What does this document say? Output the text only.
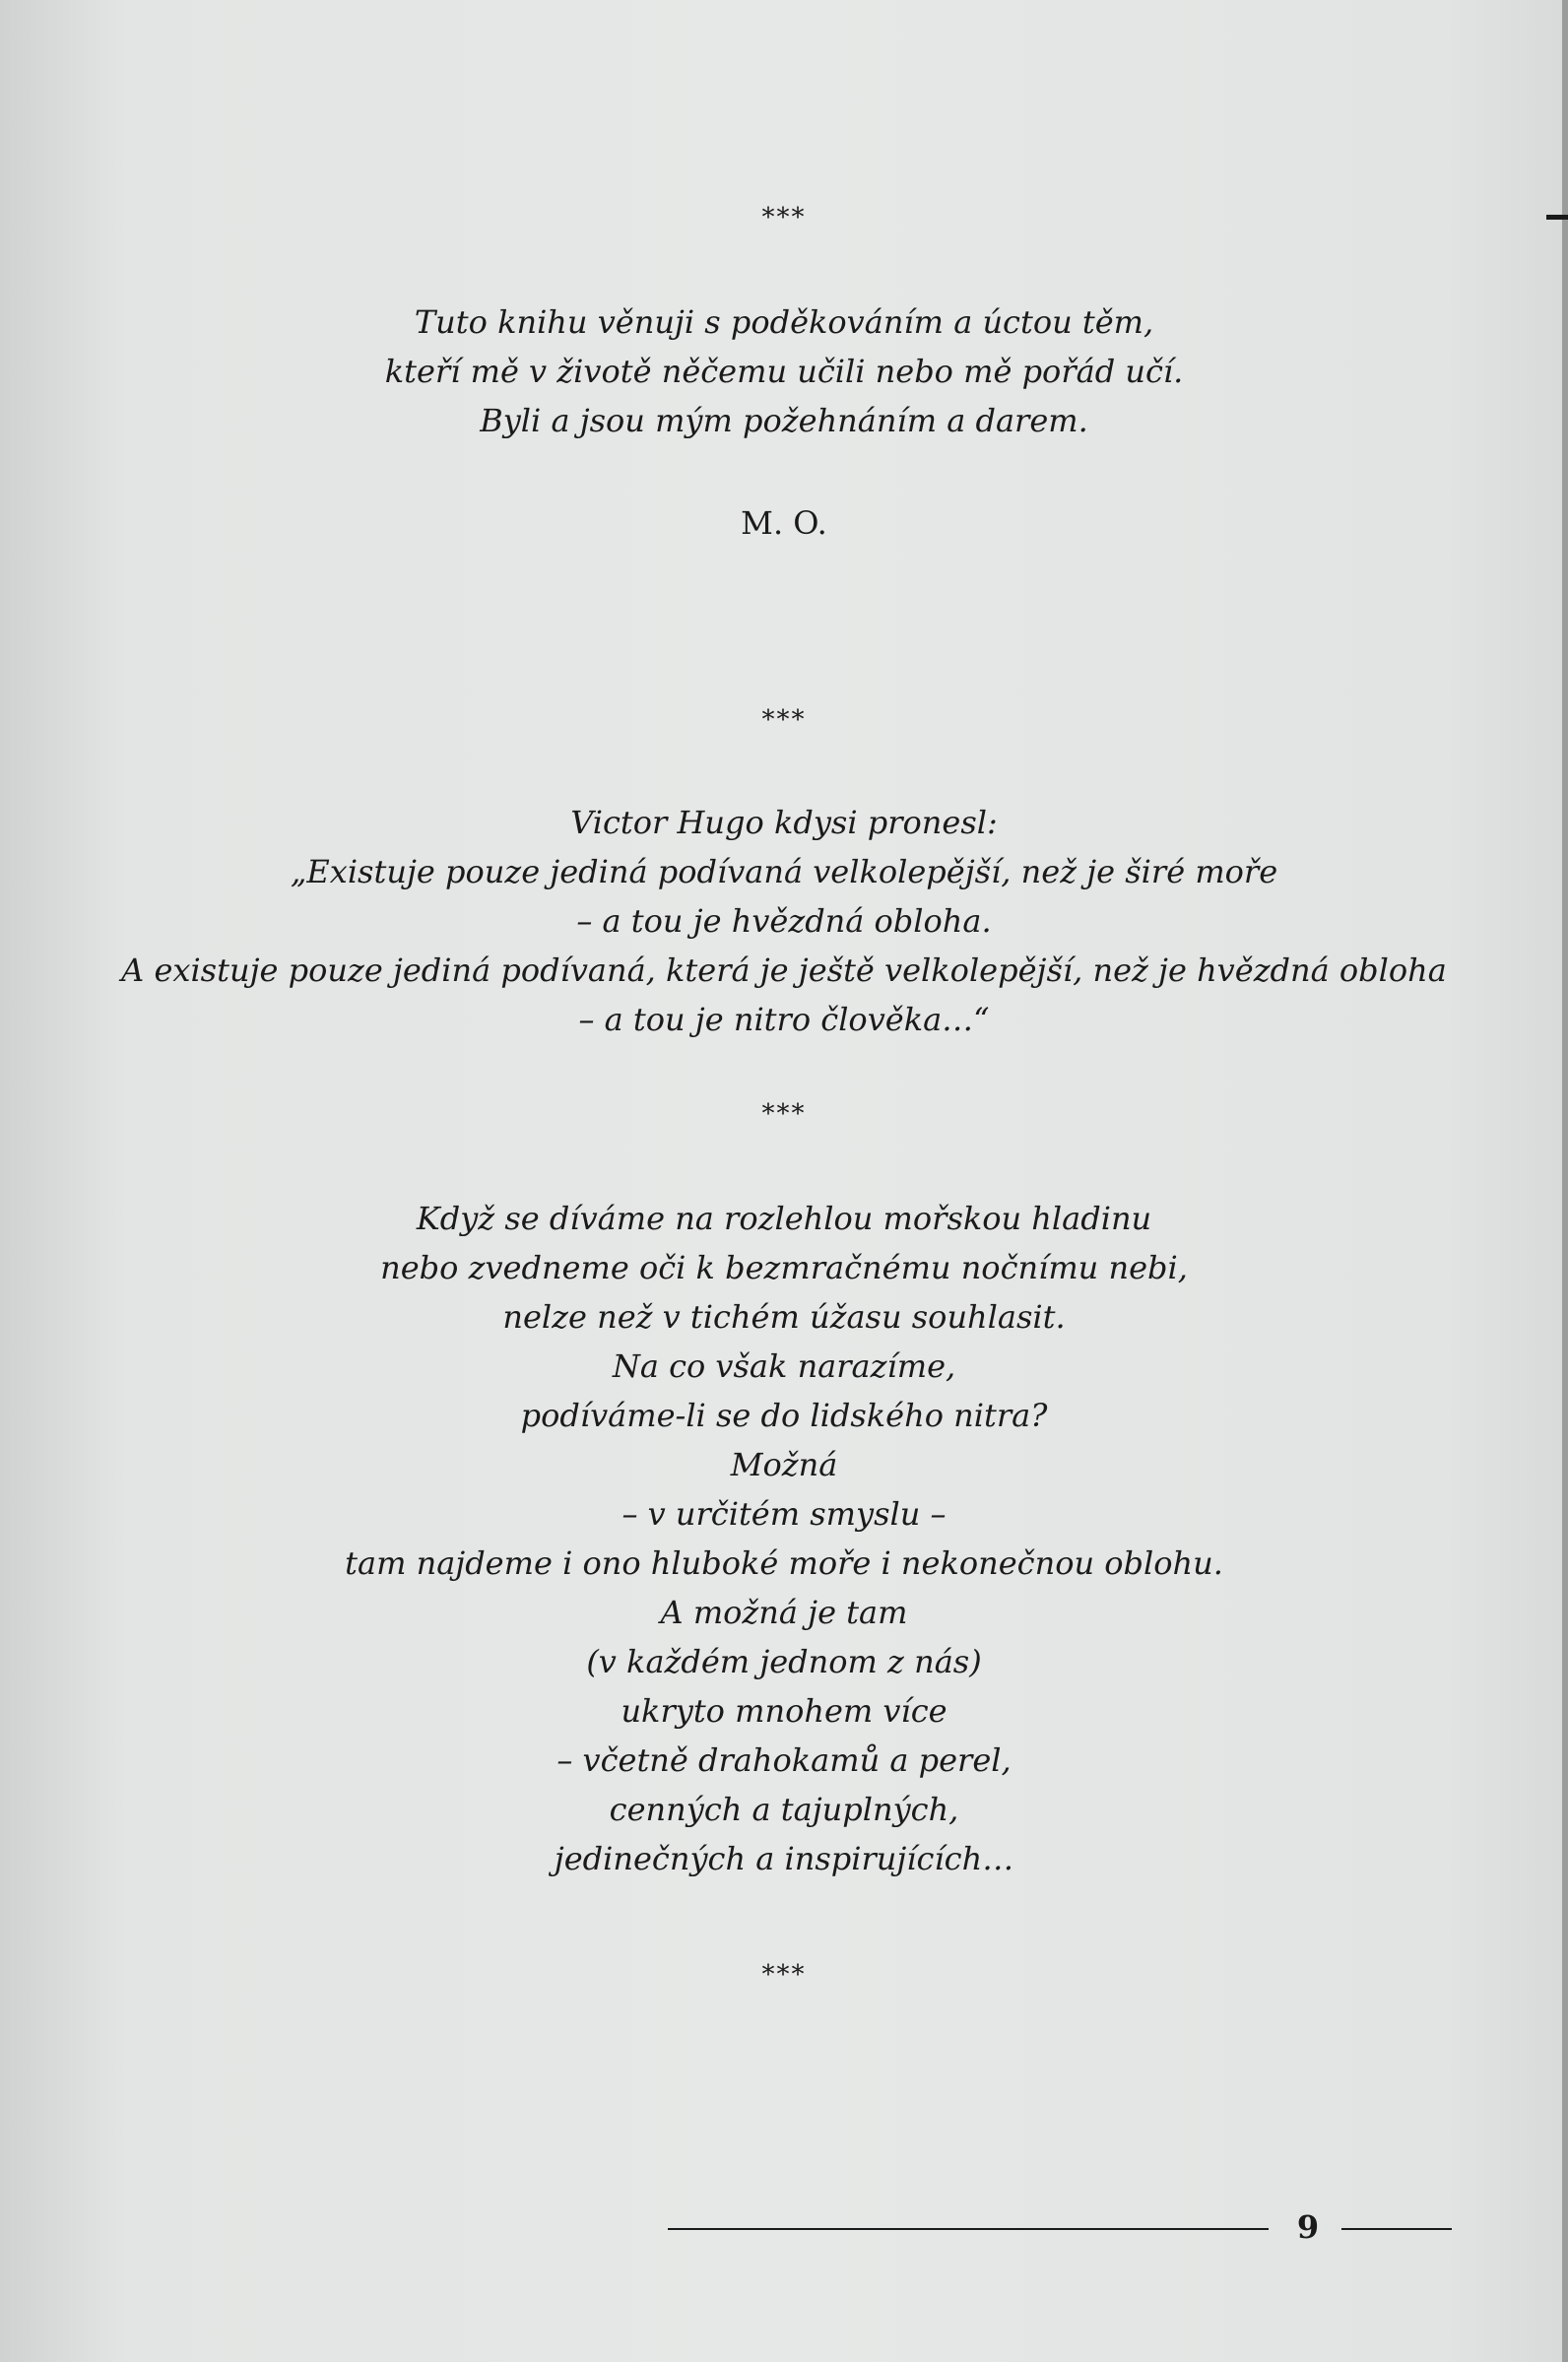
***
Tuto knihu věnuji s poděkováním a úctou těm,
kteří mě v životě něčemu učili nebo mě pořád učí.
Byli a jsou mým požehnáním a darem.
M. O.
***
Victor Hugo kdysi pronesl:
„Existuje pouze jediná podívaná velkolepější, než je širé moře
– a tou je hvězdná obloha.
A existuje pouze jediná podívaná, která je ještě velkolepější, než je hvězdná obloha
– a tou je nitro člověka…“
***
Když se díváme na rozlehlou mořskou hladinu
nebo zvedneme oči k bezmračnému nočnímu nebi,
nelze než v tichém úžasu souhlasit.
Na co však narazíme,
podíváme-li se do lidského nitra?
Možná
– v určitém smyslu –
tam najdeme i ono hluboké moře i nekonečnou oblohu.
A možná je tam
(v každém jednom z nás)
ukryto mnohem více
– včetně drahokamů a perel,
cenných a tajuplných,
jedinečných a inspirujících…
***
9
